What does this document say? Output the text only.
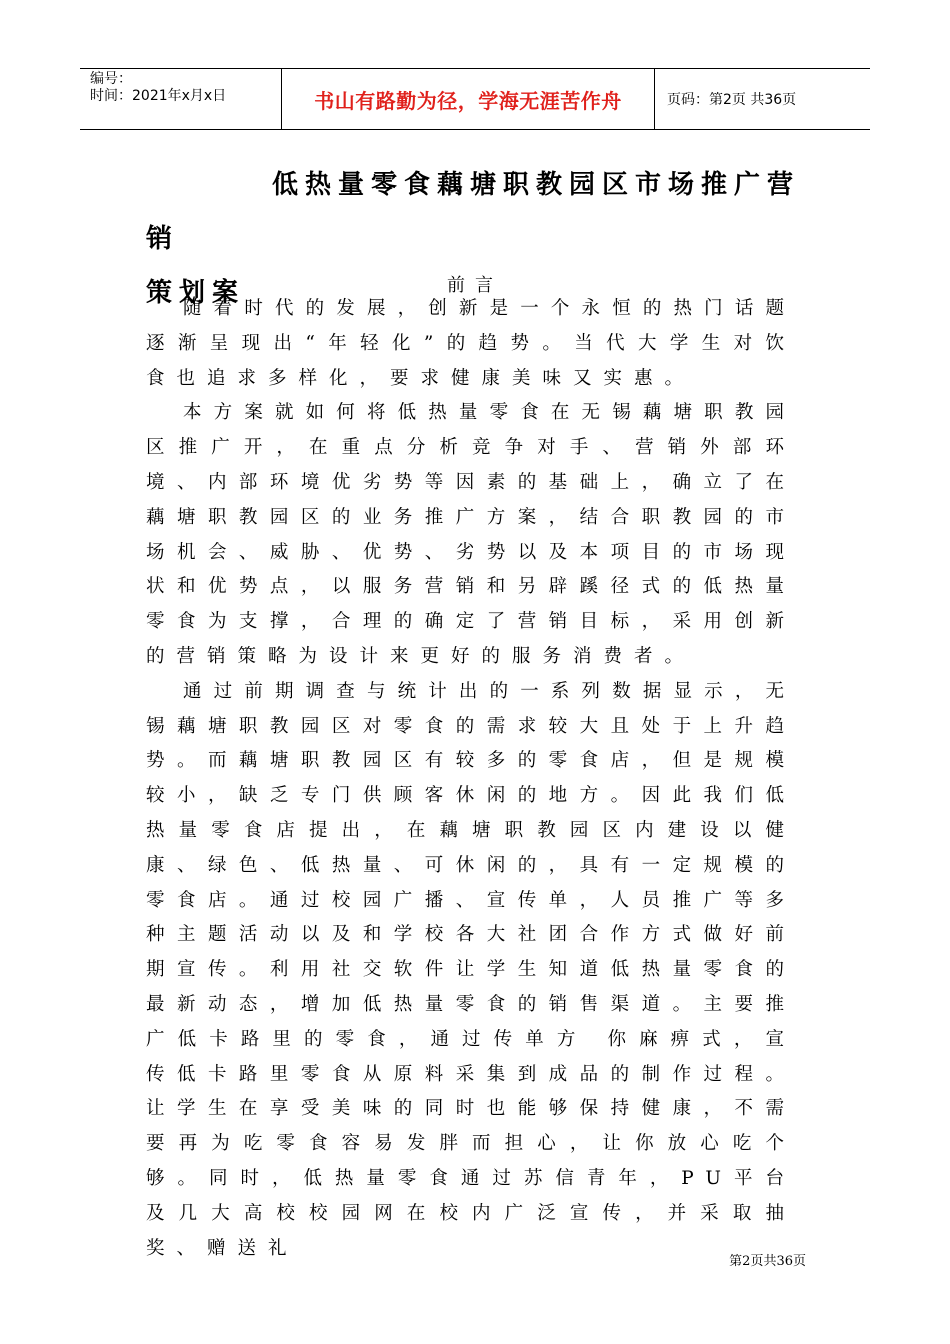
编号：
时间：2021年x月x日	书山有路勤为径，学海无涯苦作舟	页码：第2页 共36页
低热量零食藕塘职教园区市场推广营销
策划案	前言

随着时代的发展，创新是一个永恒的热门话题逐渐呈现出“年轻化”的趋势。当代大学生对饮食也追求多样化，要求健康美味又实惠。

本方案就如何将低热量零食在无锡藕塘职教园区推广开，在重点分析竞争对手、营销外部环境、内部环境优劣势等因素的基础上，确立了在藕塘职教园区的业务推广方案，结合职教园的市场机会、威胁、优势、劣势以及本项目的市场现状和优势点，以服务营销和另辟蹊径式的低热量零食为支撑，合理的确定了营销目标，采用创新的营销策略为设计来更好的服务消费者。

通过前期调查与统计出的一系列数据显示，无锡藕塘职教园区对零食的需求较大且处于上升趋势。而藕塘职教园区有较多的零食店，但是规模较小，缺乏专门供顾客休闲的地方。因此我们低热量零食店提出，在藕塘职教园区内建设以健康、绿色、低热量、可休闲的，具有一定规模的零食店。通过校园广播、宣传单，人员推广等多种主题活动以及和学校各大社团合作方式做好前期宣传。利用社交软件让学生知道低热量零食的最新动态，增加低热量零食的销售渠道。主要推广低卡路里的零食，通过传单方 你麻痹式，宣传低卡路里零食从原料采集到成品的制作过程。让学生在享受美味的同时也能够保持健康，不需要再为吃零食容易发胖而担心，让你放心吃个够。同时，低热量零食通过苏信青年，PU平台及几大高校校园网在校内广泛宣传，并采取抽奖、赠送礼

第2页共36页
